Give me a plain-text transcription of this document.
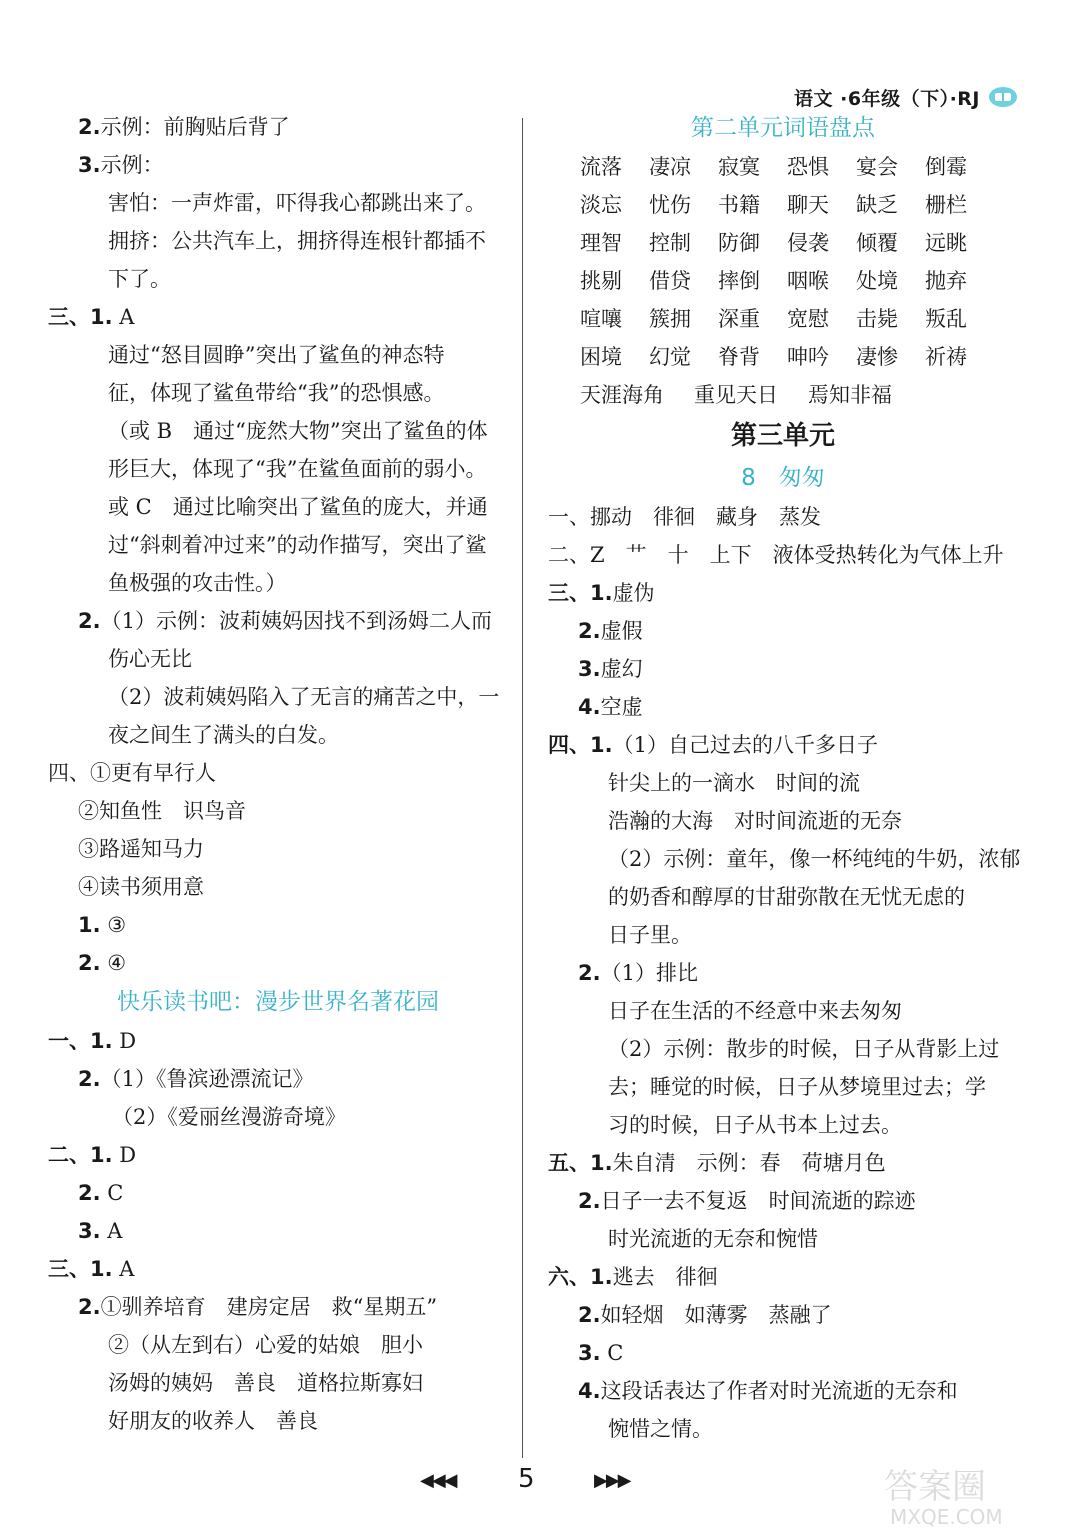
语文 ·6年级（下）·RJ
2.示例：前胸贴后背了
3.示例：
害怕：一声炸雷，吓得我心都跳出来了。
拥挤：公共汽车上，拥挤得连根针都插不
下了。
三、1. A
通过“怒目圆睁”突出了鲨鱼的神态特
征，体现了鲨鱼带给“我”的恐惧感。
（或 B　通过“庞然大物”突出了鲨鱼的体
形巨大，体现了“我”在鲨鱼面前的弱小。
或 C　通过比喻突出了鲨鱼的庞大，并通
过“斜刺着冲过来”的动作描写，突出了鲨
鱼极强的攻击性。）
2.（1）示例：波莉姨妈因找不到汤姆二人而
伤心无比
（2）波莉姨妈陷入了无言的痛苦之中，一
夜之间生了满头的白发。
四、①更有早行人
②知鱼性　识鸟音
③路遥知马力
④读书须用意
1. ③
2. ④
快乐读书吧：漫步世界名著花园
一、1. D
2.（1）《鲁滨逊漂流记》
（2）《爱丽丝漫游奇境》
二、1. D
2. C
3. A
三、1. A
2.①驯养培育　建房定居　救“星期五”
②（从左到右）心爱的姑娘　胆小
汤姆的姨妈　善良　道格拉斯寡妇
好朋友的收养人　善良
第二单元词语盘点
流落	凄凉	寂寞	恐惧	宴会	倒霉
淡忘	忧伤	书籍	聊天	缺乏	栅栏
理智	控制	防御	侵袭	倾覆	远眺
挑剔	借贷	摔倒	咽喉	处境	抛弃
喧嚷	簇拥	深重	宽慰	击毙	叛乱
困境	幻觉	脊背	呻吟	凄惨	祈祷
天涯海角	重见天日	焉知非福
第三单元
8　匆匆
一、挪动　徘徊　藏身　蒸发
二、Z　艹　十　上下　液体受热转化为气体上升
三、1.虚伪
2.虚假
3.虚幻
4.空虚
四、1.（1）自己过去的八千多日子
针尖上的一滴水　时间的流
浩瀚的大海　对时间流逝的无奈
（2）示例：童年，像一杯纯纯的牛奶，浓郁
的奶香和醇厚的甘甜弥散在无忧无虑的
日子里。
2.（1）排比
日子在生活的不经意中来去匆匆
（2）示例：散步的时候，日子从背影上过
去；睡觉的时候，日子从梦境里过去；学
习的时候，日子从书本上过去。
五、1.朱自清　示例：春　荷塘月色
2.日子一去不复返　时间流逝的踪迹
时光流逝的无奈和惋惜
六、1.逃去　徘徊
2.如轻烟　如薄雾　蒸融了
3. C
4.这段话表达了作者对时光流逝的无奈和
惋惜之情。
◀◀◀ 5	▶▶▶	答案圈
MXQE.COM
